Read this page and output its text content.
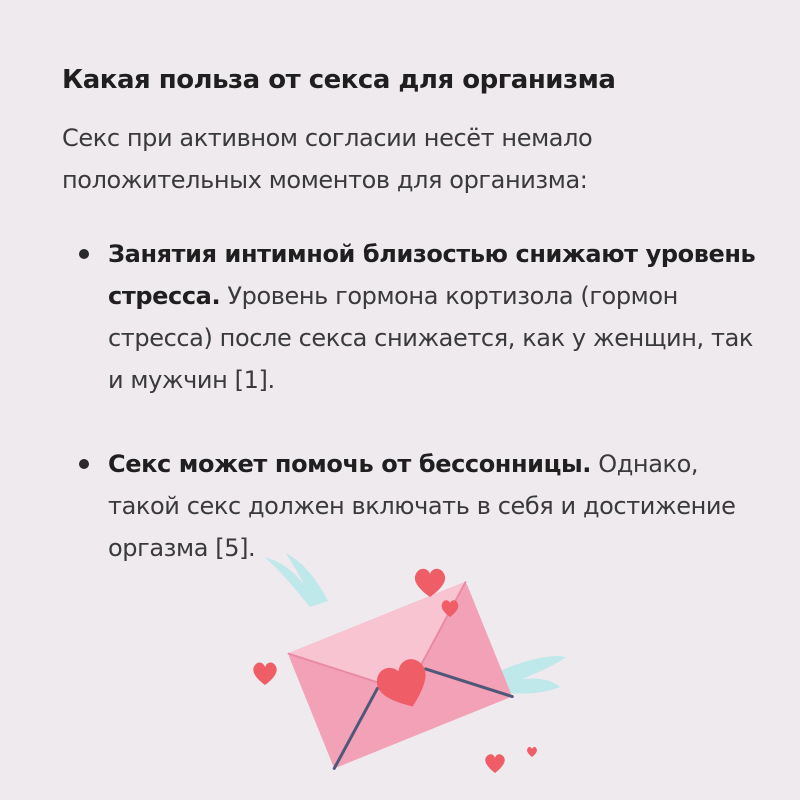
Какая польза от секса для организма

Секс при активном согласии несёт немало положительных моментов для организма:

Занятия интимной близостью снижают уровень стресса. Уровень гормона кортизола (гормон стресса) после секса снижается, как у женщин, так и мужчин [1].
Секс может помочь от бессонницы. Однако, такой секс должен включать в себя и достижение оргазма [5].
